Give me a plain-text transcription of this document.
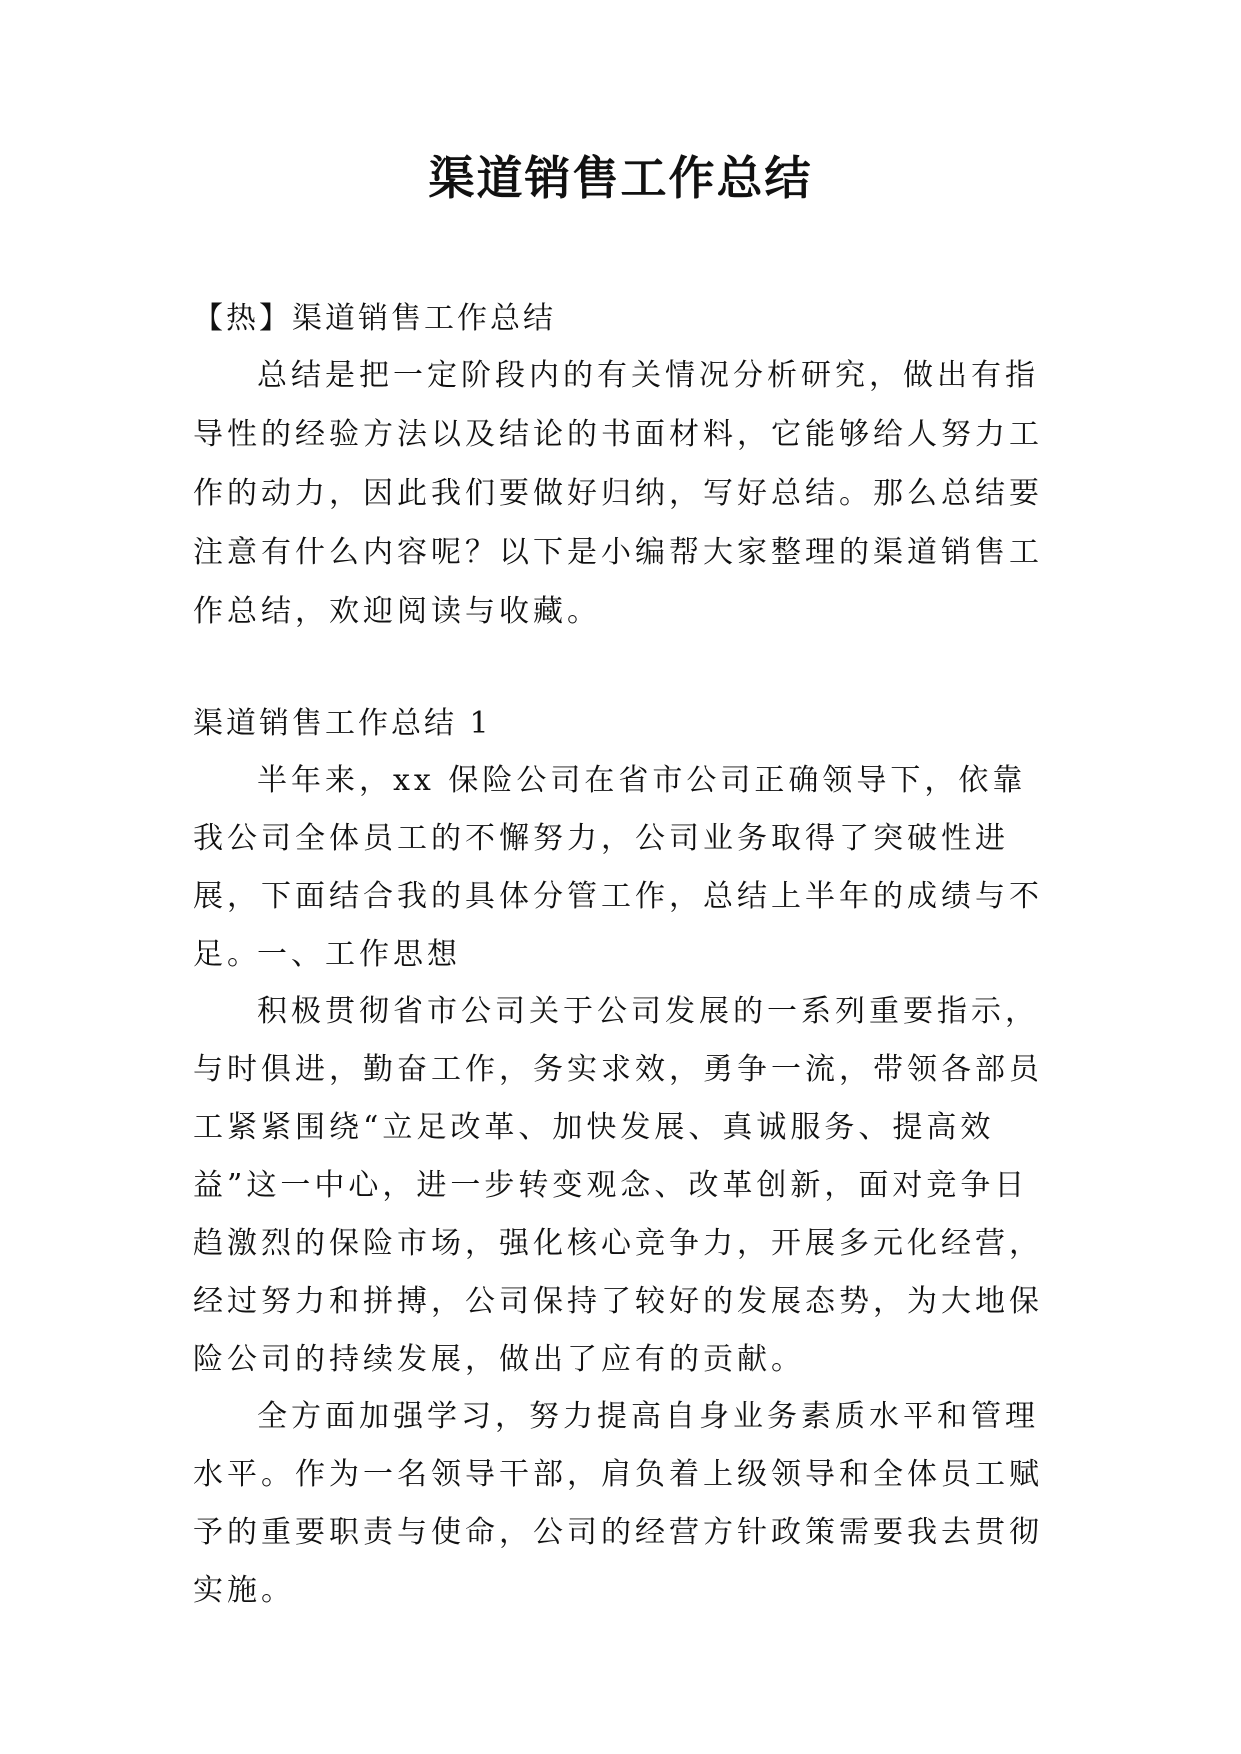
渠道销售工作总结

【热】渠道销售工作总结

总结是把一定阶段内的有关情况分析研究，做出有指导性的经验方法以及结论的书面材料，它能够给人努力工作的动力，因此我们要做好归纳，写好总结。那么总结要注意有什么内容呢？以下是小编帮大家整理的渠道销售工作总结，欢迎阅读与收藏。

渠道销售工作总结 1

半年来，xx 保险公司在省市公司正确领导下，依靠我公司全体员工的不懈努力，公司业务取得了突破性进展，下面结合我的具体分管工作，总结上半年的成绩与不足。

一、工作思想

积极贯彻省市公司关于公司发展的一系列重要指示，与时俱进，勤奋工作，务实求效，勇争一流，带领各部员工紧紧围绕“立足改革、加快发展、真诚服务、提高效益”这一中心，进一步转变观念、改革创新，面对竞争日趋激烈的保险市场，强化核心竞争力，开展多元化经营，经过努力和拼搏，公司保持了较好的发展态势，为大地保险公司的持续发展，做出了应有的贡献。

全方面加强学习，努力提高自身业务素质水平和管理水平。作为一名领导干部，肩负着上级领导和全体员工赋予的重要职责与使命，公司的经营方针政策需要我去贯彻实施。
